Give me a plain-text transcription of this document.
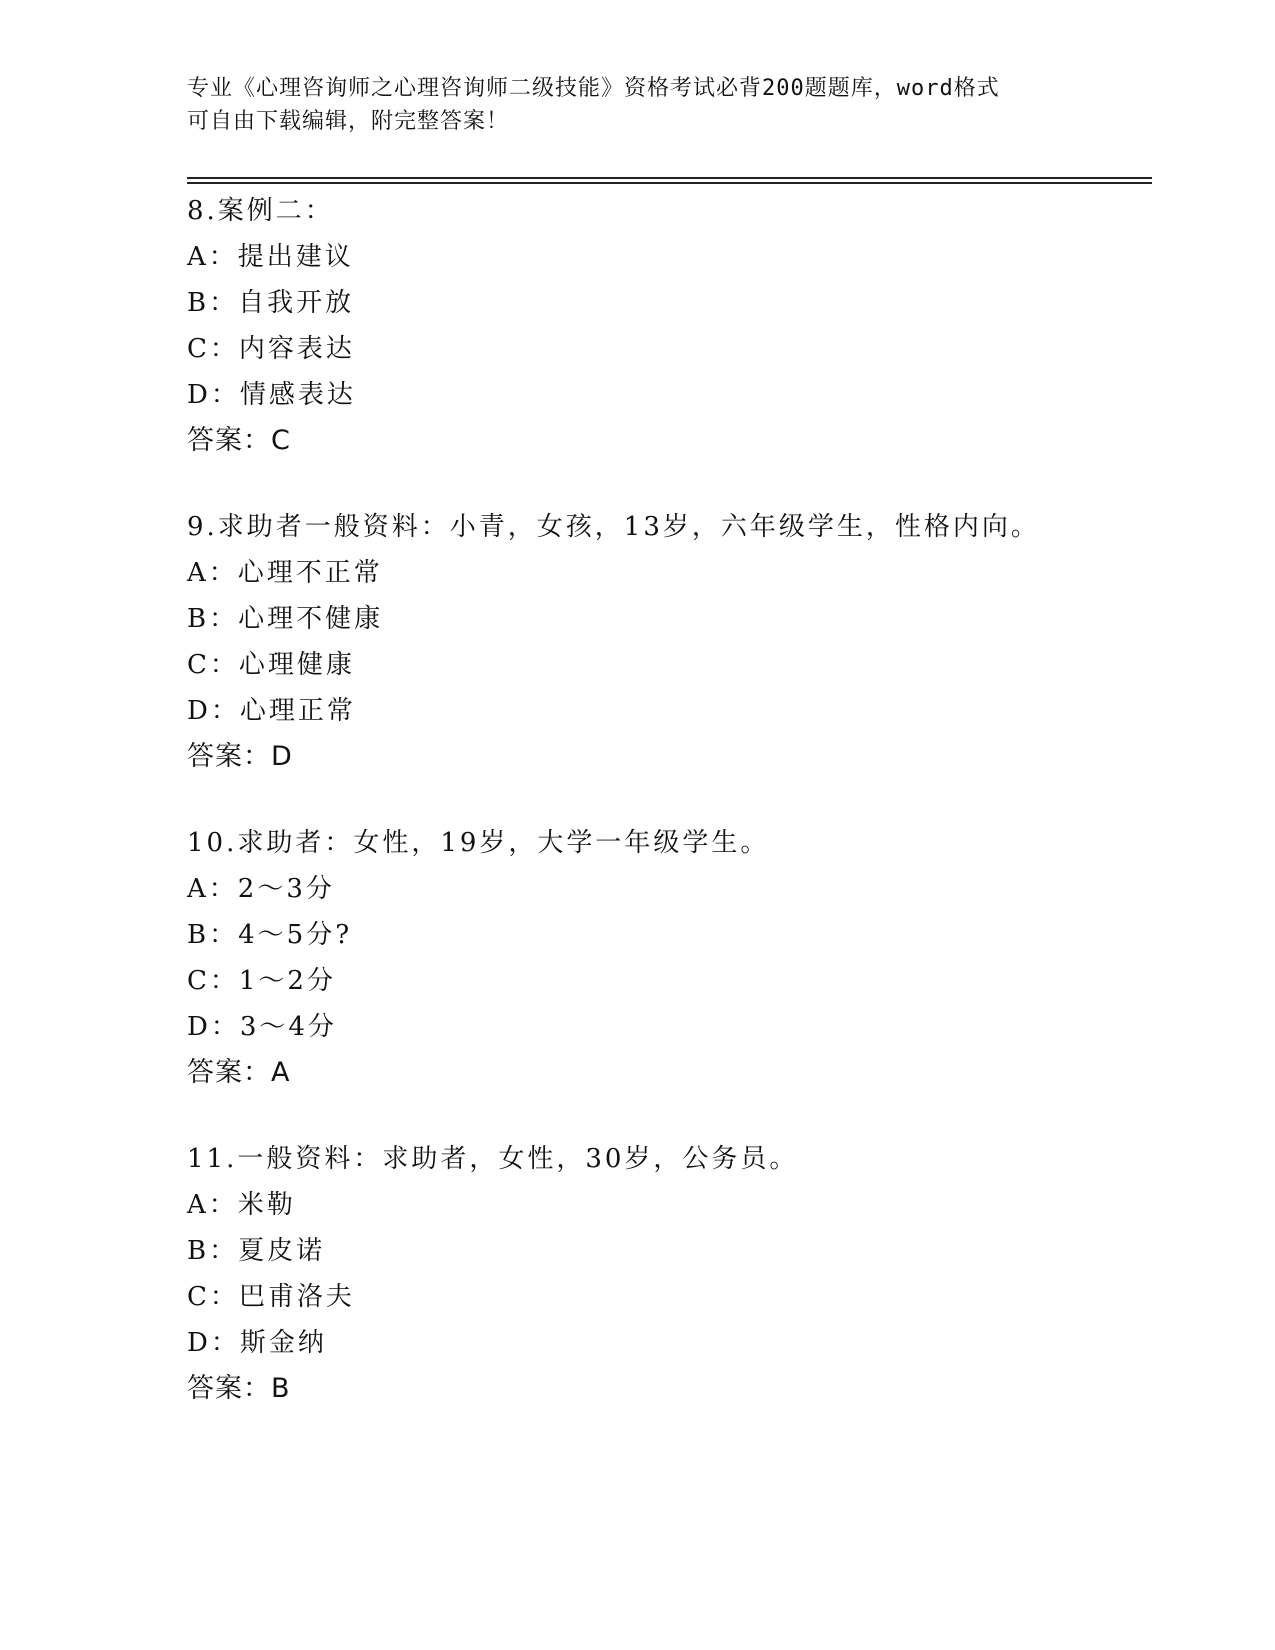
专业《心理咨询师之心理咨询师二级技能》资格考试必背200题题库，word格式
可自由下载编辑，附完整答案！
8.案例二：
A：提出建议
B：自我开放
C：内容表达
D：情感表达
答案：C
9.求助者一般资料：小青，女孩，13岁，六年级学生，性格内向。
A：心理不正常
B：心理不健康
C：心理健康
D：心理正常
答案：D
10.求助者：女性，19岁，大学一年级学生。
A：2～3分
B：4～5分?
C：1～2分
D：3～4分
答案：A
11.一般资料：求助者，女性，30岁，公务员。
A：米勒
B：夏皮诺
C：巴甫洛夫
D：斯金纳
答案：B
